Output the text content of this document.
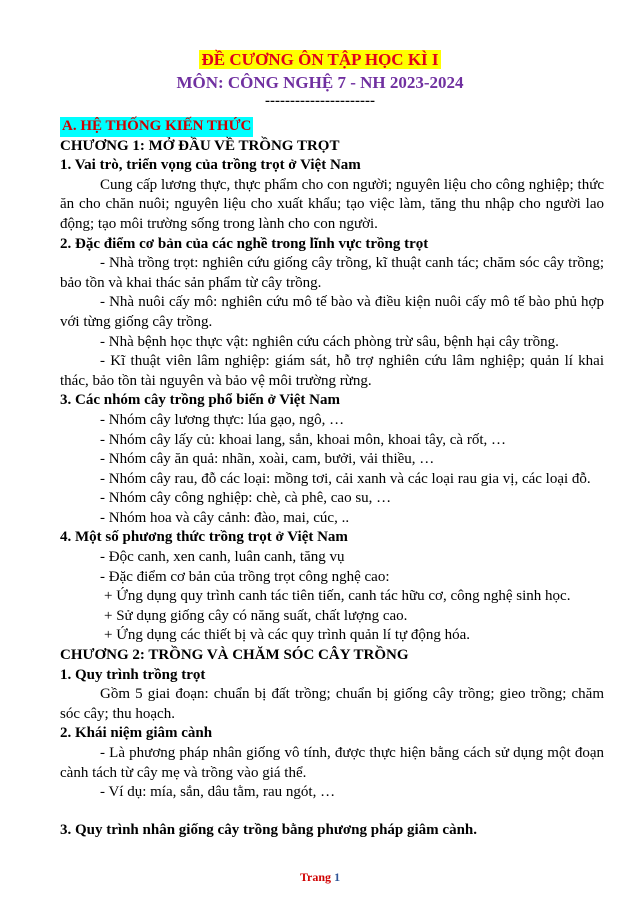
ĐỀ CƯƠNG ÔN TẬP HỌC KÌ I
MÔN: CÔNG NGHỆ 7 - NH 2023-2024
----------------------

A. HỆ THỐNG KIẾN THỨC

CHƯƠNG 1: MỞ ĐẦU VỀ TRỒNG TRỌT

1. Vai trò, triển vọng của trồng trọt ở Việt Nam

Cung cấp lương thực, thực phẩm cho con người; nguyên liệu cho công nghiệp; thức ăn cho chăn nuôi; nguyên liệu cho xuất khẩu; tạo việc làm, tăng thu nhập cho người lao động; tạo môi trường sống trong lành cho con người.

2. Đặc điểm cơ bản của các nghề trong lĩnh vực trồng trọt

- Nhà trồng trọt: nghiên cứu giống cây trồng, kĩ thuật canh tác; chăm sóc cây trồng; bảo tồn và khai thác sản phẩm từ cây trồng.

- Nhà nuôi cấy mô: nghiên cứu mô tế bào và điều kiện nuôi cấy mô tế bào phủ hợp với từng giống cây trồng.

- Nhà bệnh học thực vật: nghiên cứu cách phòng trừ sâu, bệnh hại cây trồng.

- Kĩ thuật viên lâm nghiệp: giám sát, hỗ trợ nghiên cứu lâm nghiệp; quản lí khai thác, bảo tồn tài nguyên và bảo vệ môi trường rừng.

3. Các nhóm cây trồng phổ biến ở Việt Nam

- Nhóm cây lương thực: lúa gạo, ngô, …

- Nhóm cây lấy củ: khoai lang, sắn, khoai môn, khoai tây, cà rốt, …

- Nhóm cây ăn quả: nhãn, xoài, cam, bưởi, vải thiều, …

- Nhóm cây rau, đỗ các loại: mồng tơi, cải xanh và các loại rau gia vị, các loại đỗ.

- Nhóm cây công nghiệp: chè, cà phê, cao su, …

- Nhóm hoa và cây cảnh: đào, mai, cúc, ..

4. Một số phương thức trồng trọt ở Việt Nam

- Độc canh, xen canh, luân canh, tăng vụ

- Đặc điểm cơ bản của trồng trọt công nghệ cao:

+ Ứng dụng quy trình canh tác tiên tiến, canh tác hữu cơ, công nghệ sinh học.

+ Sử dụng giống cây có năng suất, chất lượng cao.

+ Ứng dụng các thiết bị và các quy trình quản lí tự động hóa.

CHƯƠNG 2: TRỒNG VÀ CHĂM SÓC CÂY TRỒNG

1. Quy trình trồng trọt

Gồm 5 giai đoạn: chuẩn bị đất trồng; chuẩn bị giống cây trồng; gieo trồng; chăm sóc cây; thu hoạch.

2. Khái niệm giâm cành

- Là phương pháp nhân giống vô tính, được thực hiện bằng cách sử dụng một đoạn cành tách từ cây mẹ và trồng vào giá thể.

- Ví dụ: mía, sắn, dâu tằm, rau ngót, …

3. Quy trình nhân giống cây trồng bằng phương pháp giâm cành.

Trang 1
